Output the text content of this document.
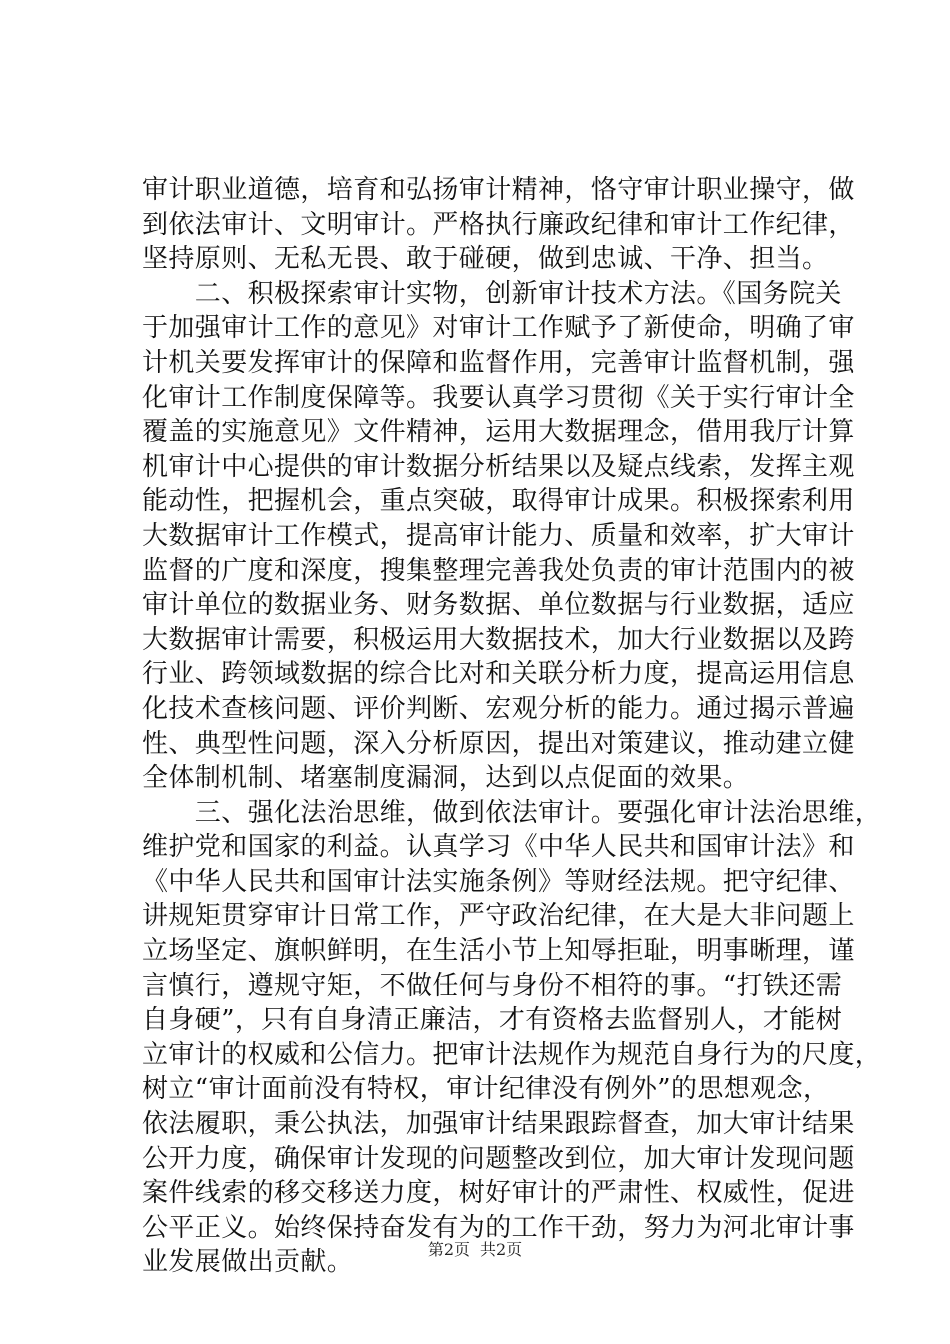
审计职业道德，培育和弘扬审计精神，恪守审计职业操守，做
到依法审计、文明审计。严格执行廉政纪律和审计工作纪律，
坚持原则、无私无畏、敢于碰硬，做到忠诚、干净、担当。
　　二、积极探索审计实物，创新审计技术方法。《国务院关
于加强审计工作的意见》对审计工作赋予了新使命，明确了审
计机关要发挥审计的保障和监督作用，完善审计监督机制，强
化审计工作制度保障等。我要认真学习贯彻《关于实行审计全
覆盖的实施意见》文件精神，运用大数据理念，借用我厅计算
机审计中心提供的审计数据分析结果以及疑点线索，发挥主观
能动性，把握机会，重点突破，取得审计成果。积极探索利用
大数据审计工作模式，提高审计能力、质量和效率，扩大审计
监督的广度和深度，搜集整理完善我处负责的审计范围内的被
审计单位的数据业务、财务数据、单位数据与行业数据，适应
大数据审计需要，积极运用大数据技术，加大行业数据以及跨
行业、跨领域数据的综合比对和关联分析力度，提高运用信息
化技术查核问题、评价判断、宏观分析的能力。通过揭示普遍
性、典型性问题，深入分析原因，提出对策建议，推动建立健
全体制机制、堵塞制度漏洞，达到以点促面的效果。
　　三、强化法治思维，做到依法审计。要强化审计法治思维，
维护党和国家的利益。认真学习《中华人民共和国审计法》和
《中华人民共和国审计法实施条例》等财经法规。把守纪律、
讲规矩贯穿审计日常工作，严守政治纪律，在大是大非问题上
立场坚定、旗帜鲜明，在生活小节上知辱拒耻，明事晰理，谨
言慎行，遵规守矩，不做任何与身份不相符的事。“打铁还需
自身硬”，只有自身清正廉洁，才有资格去监督别人，才能树
立审计的权威和公信力。把审计法规作为规范自身行为的尺度，
树立“审计面前没有特权，审计纪律没有例外”的思想观念，
依法履职，秉公执法，加强审计结果跟踪督查，加大审计结果
公开力度，确保审计发现的问题整改到位，加大审计发现问题
案件线索的移交移送力度，树好审计的严肃性、权威性，促进
公平正义。始终保持奋发有为的工作干劲，努力为河北审计事
业发展做出贡献。	第2页 共2页
